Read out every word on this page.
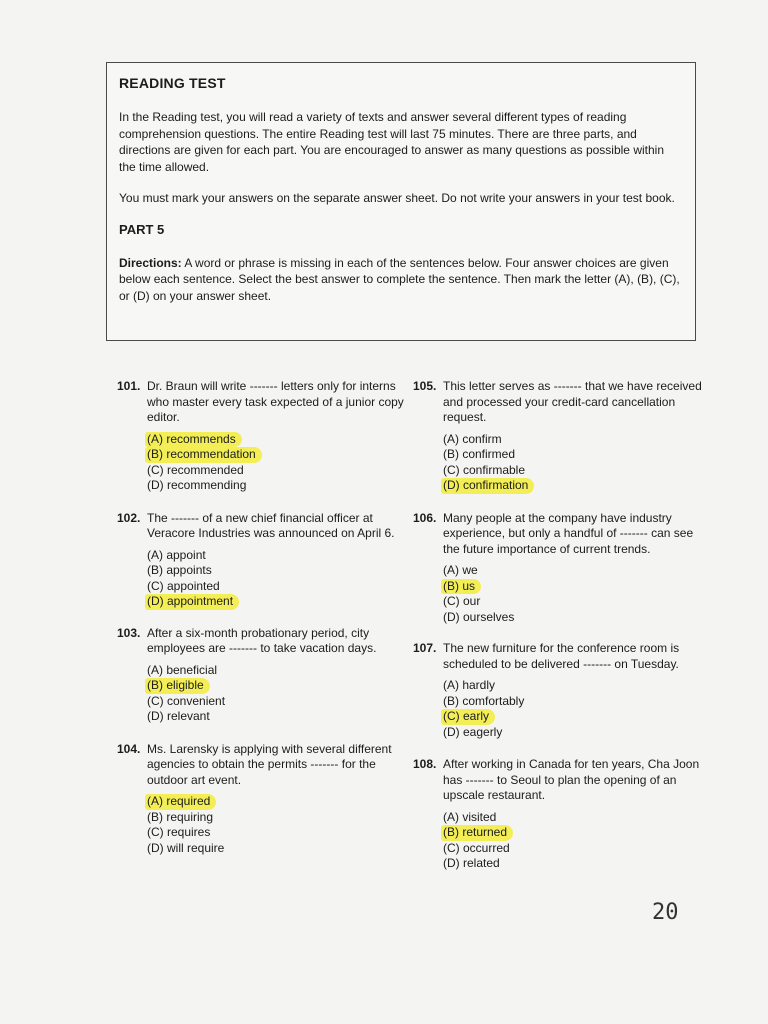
READING TEST

In the Reading test, you will read a variety of texts and answer several different types of reading comprehension questions. The entire Reading test will last 75 minutes. There are three parts, and directions are given for each part. You are encouraged to answer as many questions as possible within the time allowed.

You must mark your answers on the separate answer sheet. Do not write your answers in your test book.

PART 5

Directions: A word or phrase is missing in each of the sentences below. Four answer choices are given below each sentence. Select the best answer to complete the sentence. Then mark the letter (A), (B), (C), or (D) on your answer sheet.

101. Dr. Braun will write ------- letters only for interns who master every task expected of a junior copy editor.
(A) recommends
(B) recommendation
(C) recommended
(D) recommending
102. The ------- of a new chief financial officer at Veracore Industries was announced on April 6.
(A) appoint
(B) appoints
(C) appointed
(D) appointment
103. After a six-month probationary period, city employees are ------- to take vacation days.
(A) beneficial
(B) eligible
(C) convenient
(D) relevant
104. Ms. Larensky is applying with several different agencies to obtain the permits ------- for the outdoor art event.
(A) required
(B) requiring
(C) requires
(D) will require
105. This letter serves as ------- that we have received and processed your credit-card cancellation request.
(A) confirm
(B) confirmed
(C) confirmable
(D) confirmation
106. Many people at the company have industry experience, but only a handful of ------- can see the future importance of current trends.
(A) we
(B) us
(C) our
(D) ourselves
107. The new furniture for the conference room is scheduled to be delivered ------- on Tuesday.
(A) hardly
(B) comfortably
(C) early
(D) eagerly
108. After working in Canada for ten years, Cha Joon has ------- to Seoul to plan the opening of an upscale restaurant.
(A) visited
(B) returned
(C) occurred
(D) related
20
